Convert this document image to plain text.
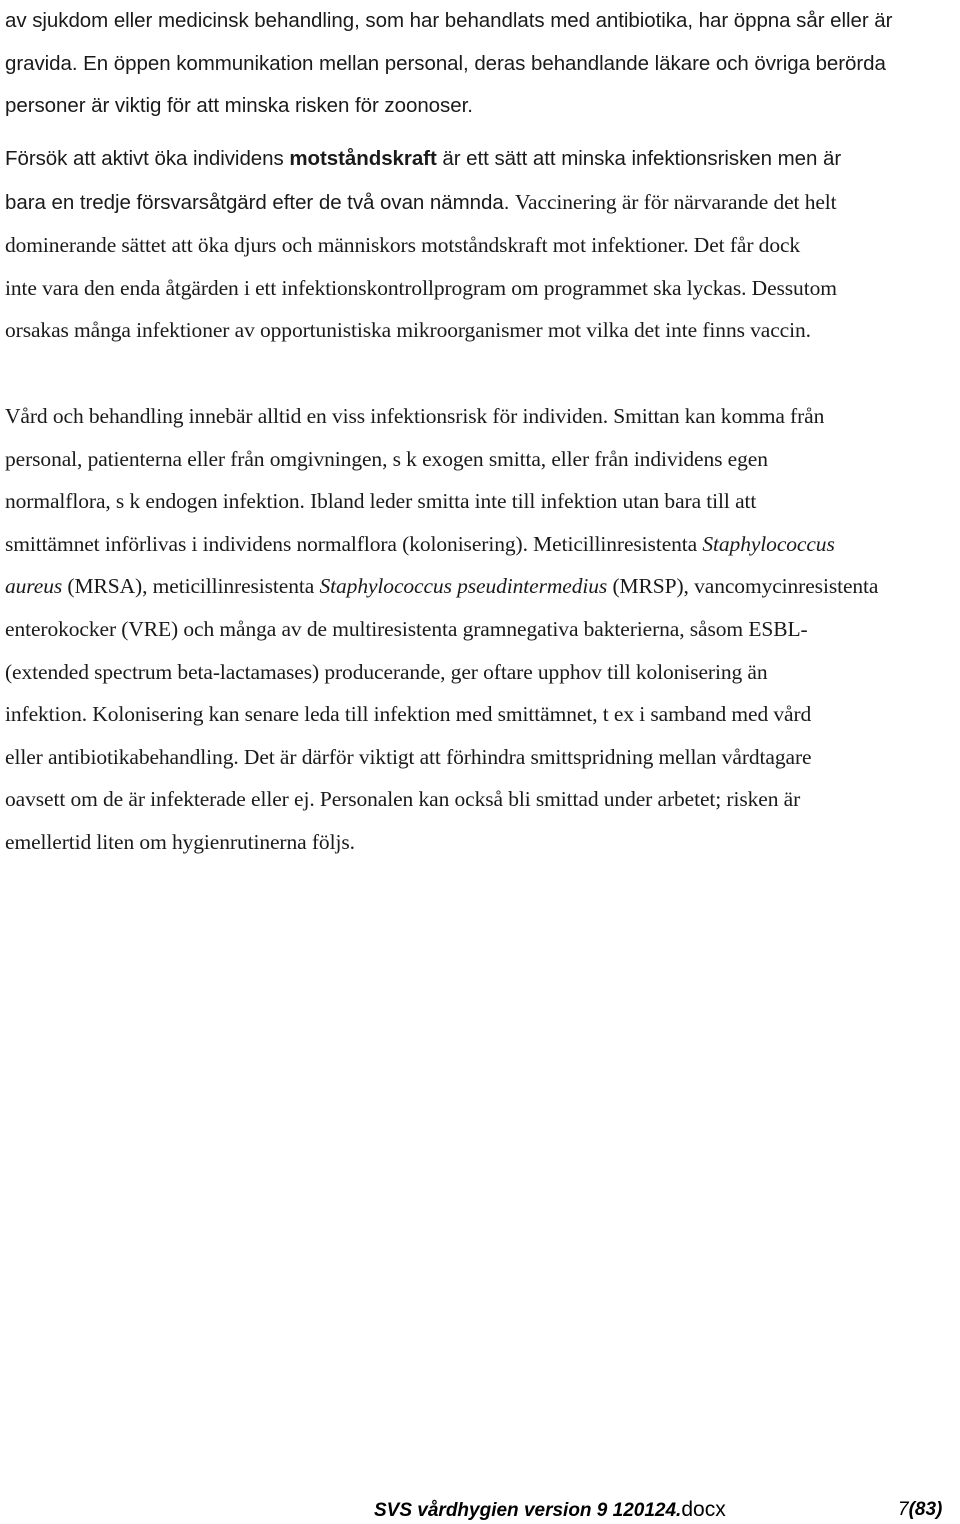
av sjukdom eller medicinsk behandling, som har behandlats med antibiotika, har öppna sår eller är
gravida. En öppen kommunikation mellan personal, deras behandlande läkare och övriga berörda
personer är viktig för att minska risken för zoonoser.

Försök att aktivt öka individens motståndskraft är ett sätt att minska infektionsrisken men är
bara en tredje försvarsåtgärd efter de två ovan nämnda. Vaccinering är för närvarande det helt
dominerande sättet att öka djurs och människors motståndskraft mot infektioner. Det får dock
inte vara den enda åtgärden i ett infektionskontrollprogram om programmet ska lyckas. Dessutom
orsakas många infektioner av opportunistiska mikroorganismer mot vilka det inte finns vaccin.

Vård och behandling innebär alltid en viss infektionsrisk för individen. Smittan kan komma från
personal, patienterna eller från omgivningen, s k exogen smitta, eller från individens egen
normalflora, s k endogen infektion. Ibland leder smitta inte till infektion utan bara till att
smittämnet införlivas i individens normalflora (kolonisering). Meticillinresistenta Staphylococcus
aureus (MRSA), meticillinresistenta Staphylococcus pseudintermedius (MRSP), vancomycinresistenta
enterokocker (VRE) och många av de multiresistenta gramnegativa bakterierna, såsom ESBL-
(extended spectrum beta-lactamases) producerande, ger oftare upphov till kolonisering än
infektion. Kolonisering kan senare leda till infektion med smittämnet, t ex i samband med vård
eller antibiotikabehandling. Det är därför viktigt att förhindra smittspridning mellan vårdtagare
oavsett om de är infekterade eller ej. Personalen kan också bli smittad under arbetet; risken är
emellertid liten om hygienrutinerna följs.

SVS vårdhygien version 9 120124.docx	7(83)
